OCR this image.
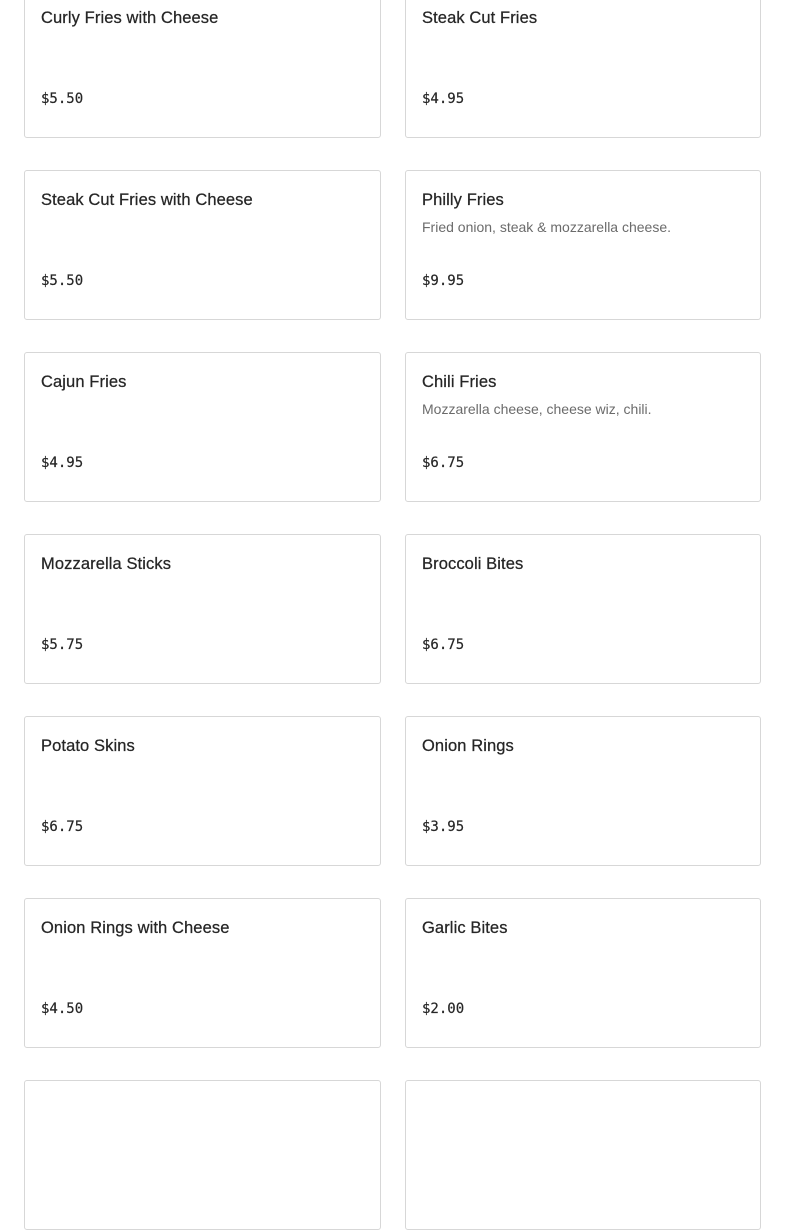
Curly Fries with Cheese
$5.50
Steak Cut Fries
$4.95
Steak Cut Fries with Cheese
$5.50
Philly Fries
Fried onion, steak & mozzarella cheese.
$9.95
Cajun Fries
$4.95
Chili Fries
Mozzarella cheese, cheese wiz, chili.
$6.75
Mozzarella Sticks
$5.75
Broccoli Bites
$6.75
Potato Skins
$6.75
Onion Rings
$3.95
Onion Rings with Cheese
$4.50
Garlic Bites
$2.00
